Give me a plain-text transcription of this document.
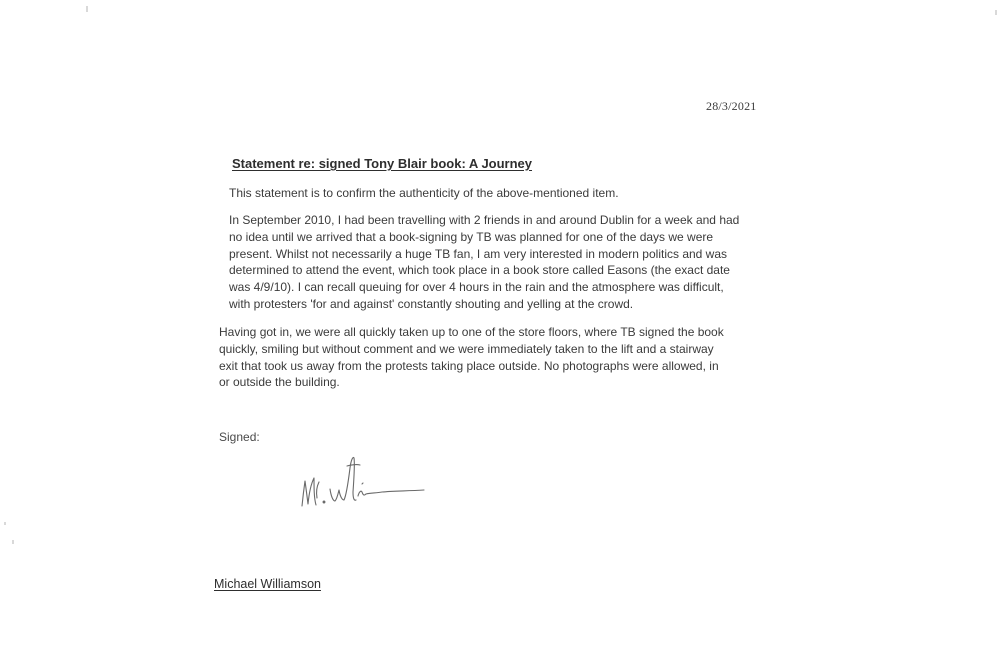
28/3/2021
Statement re: signed Tony Blair book: A Journey
This statement is to confirm the authenticity of the above-mentioned item.
In September 2010, I had been travelling with 2 friends in and around Dublin for a week and had
no idea until we arrived that a book-signing by TB was planned for one of the days we were
present. Whilst not necessarily a huge TB fan, I am very interested in modern politics and was
determined to attend the event, which took place in a book store called Easons (the exact date
was 4/9/10). I can recall queuing for over 4 hours in the rain and the atmosphere was difficult,
with protesters 'for and against' constantly shouting and yelling at the crowd.
Having got in, we were all quickly taken up to one of the store floors, where TB signed the book
quickly, smiling but without comment and we were immediately taken to the lift and a stairway
exit that took us away from the protests taking place outside. No photographs were allowed, in
or outside the building.
Signed:
Michael Williamson
